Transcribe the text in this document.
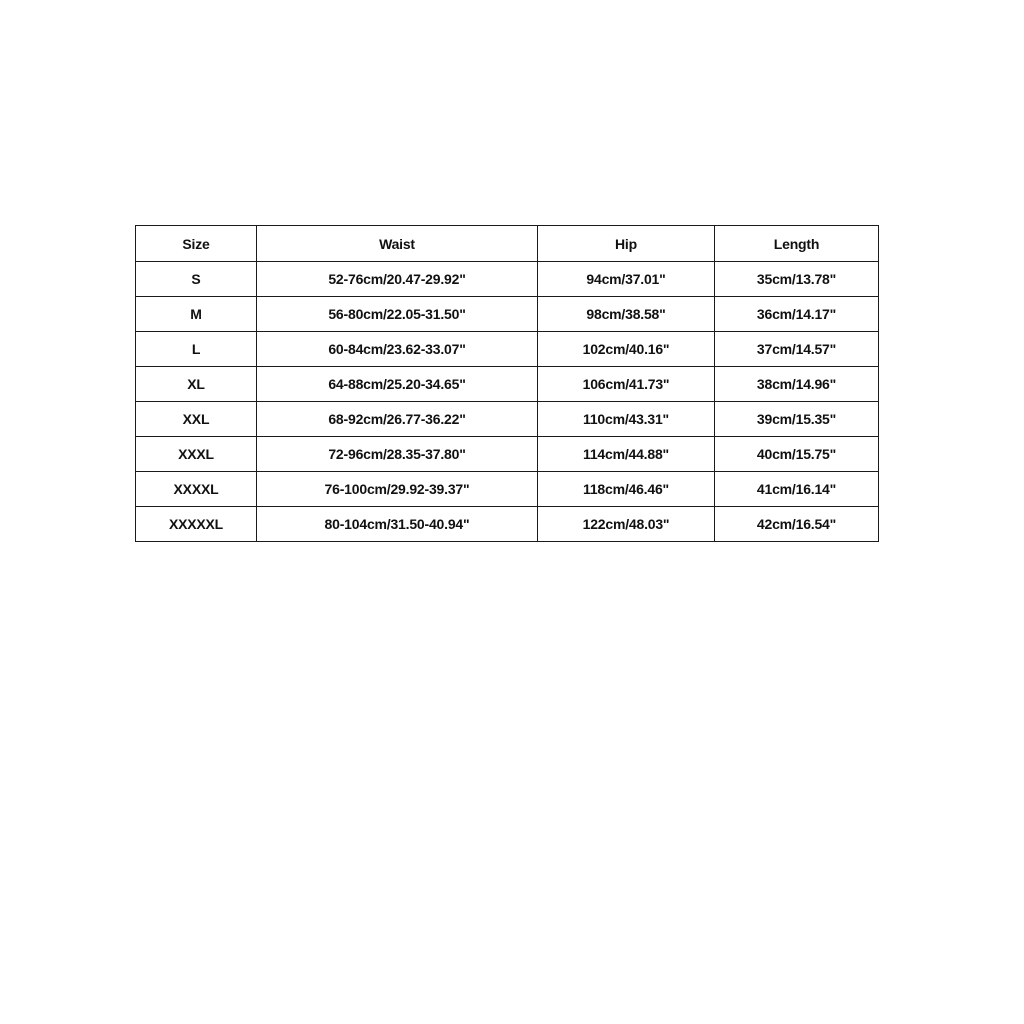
Size	Waist	Hip	Length
S	52-76cm/20.47-29.92"	94cm/37.01"	35cm/13.78"
M	56-80cm/22.05-31.50"	98cm/38.58"	36cm/14.17"
L	60-84cm/23.62-33.07"	102cm/40.16"	37cm/14.57"
XL	64-88cm/25.20-34.65"	106cm/41.73"	38cm/14.96"
XXL	68-92cm/26.77-36.22"	110cm/43.31"	39cm/15.35"
XXXL	72-96cm/28.35-37.80"	114cm/44.88"	40cm/15.75"
XXXXL	76-100cm/29.92-39.37"	118cm/46.46"	41cm/16.14"
XXXXXL	80-104cm/31.50-40.94"	122cm/48.03"	42cm/16.54"
